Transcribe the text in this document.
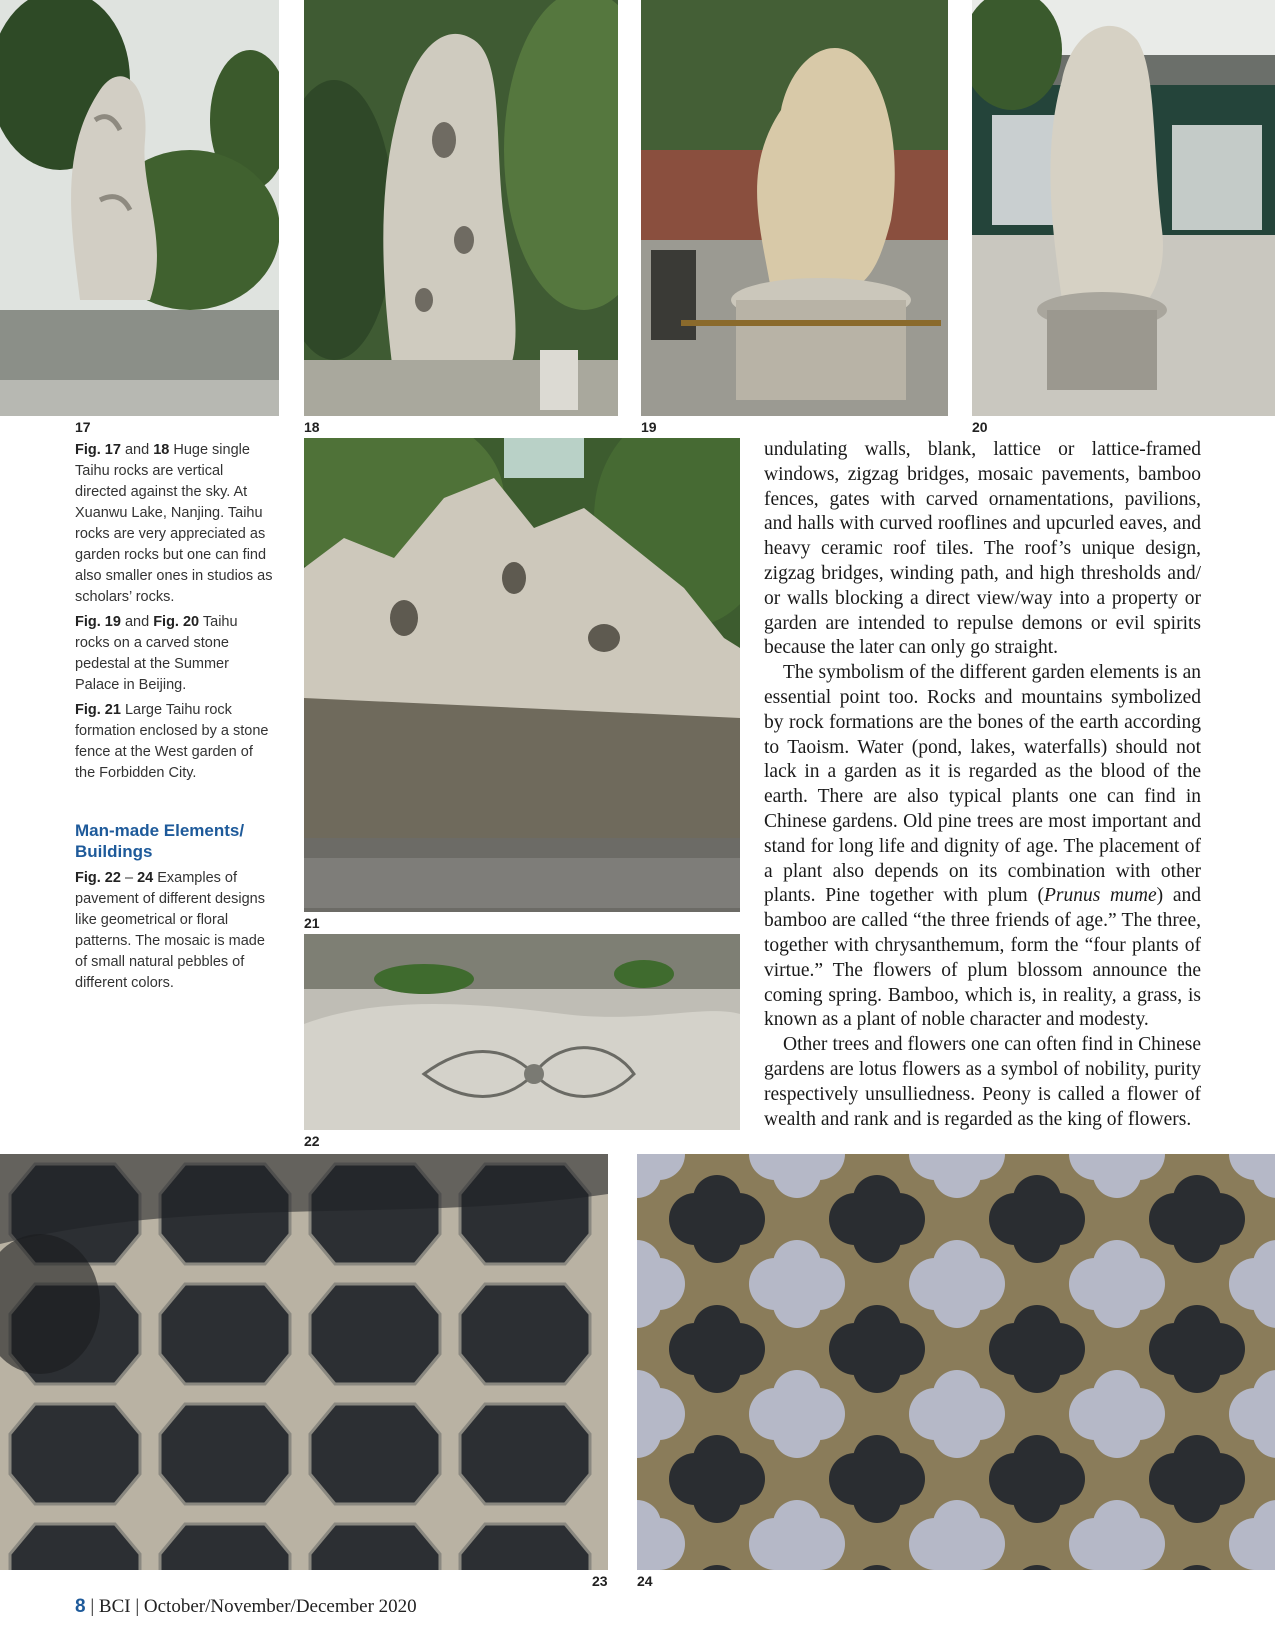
17	18	19	20

Fig. 17 and 18 Huge single Taihu rocks are vertical directed against the sky. At Xuanwu Lake, Nanjing. Taihu rocks are very appreciated as garden rocks but one can find also smaller ones in studios as scholars’ rocks.

Fig. 19 and Fig. 20 Taihu rocks on a carved stone pedestal at the Summer Palace in Beijing.

Fig. 21 Large Taihu rock formation enclosed by a stone fence at the West garden of the Forbidden City.

Man-made Elements/ Buildings

Fig. 22 – 24 Examples of pavement of different designs like geometrical or floral patterns. The mosaic is made of small natural pebbles of different colors.

21
22

undulating walls, blank, lattice or lattice-framed windows, zigzag bridges, mosaic pavements, bamboo fences, gates with carved ornamentations, pavilions, and halls with curved rooflines and upcurled eaves, and heavy ceramic roof tiles. The roof’s unique design, zigzag bridges, winding path, and high thresholds and/ or walls blocking a direct view/way into a property or garden are intended to repulse demons or evil spirits because the later can only go straight.

The symbolism of the different garden elements is an essential point too. Rocks and mountains symbolized by rock formations are the bones of the earth according to Taoism. Water (pond, lakes, waterfalls) should not lack in a garden as it is regarded as the blood of the earth. There are also typical plants one can find in Chinese gardens. Old pine trees are most important and stand for long life and dignity of age. The placement of a plant also depends on its combination with other plants. Pine together with plum (Prunus mume) and bamboo are called “the three friends of age.” The three, together with chrysanthemum, form the “four plants of virtue.” The flowers of plum blossom announce the coming spring. Bamboo, which is, in reality, a grass, is known as a plant of noble character and modesty.

Other trees and flowers one can often find in Chinese gardens are lotus flowers as a symbol of nobility, purity respectively unsulliedness. Peony is called a flower of wealth and rank and is regarded as the king of flowers.

23 24
8 | BCI | October/November/December 2020
